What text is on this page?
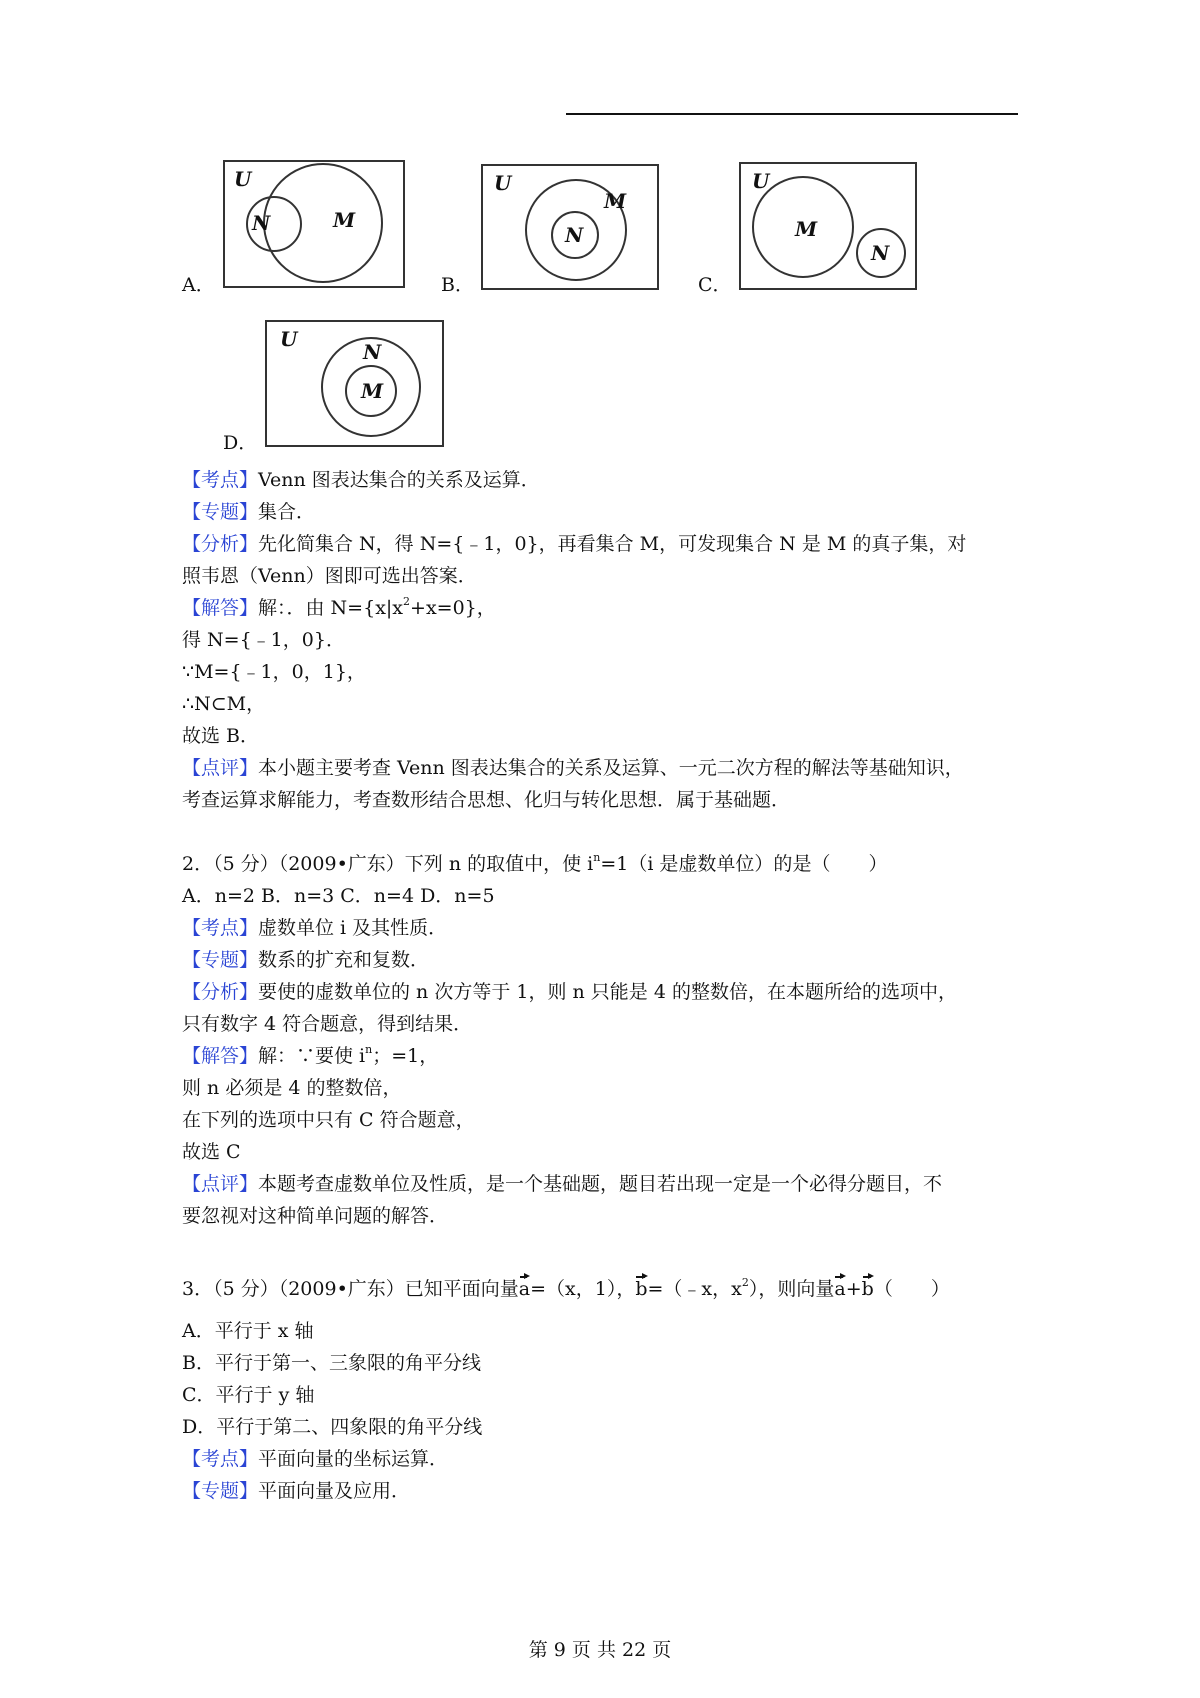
A．
U
N	M
B．
U
N
M
C．
U
M
N
D．
U
N
M
【考点】Venn 图表达集合的关系及运算．
【专题】集合．
【分析】先化简集合 N，得 N={﹣1，0}，再看集合 M，可发现集合 N 是 M 的真子集，对
照韦恩（Venn）图即可选出答案．
【解答】解：．由 $N=\{x|x^2+x=0\}$，
得 N={﹣1，0}．
∵M={﹣1，0，1}，
∴N⊂M，
故选 B．
【点评】本小题主要考查 Venn 图表达集合的关系及运算、一元二次方程的解法等基础知识，
考查运算求解能力，考查数形结合思想、化归与转化思想．属于基础题．
2．（5 分）（2009•广东）下列 n 的取值中，使 $i^n=1(i$ 是虚数单位）的是（　　）
A．n=2 B．n=3 C．n=4 D．n=5
【考点】虚数单位 i 及其性质．
【专题】数系的扩充和复数．
【分析】要使的虚数单位的 n 次方等于 1，则 n 只能是 4 的整数倍，在本题所给的选项中，
只有数字 4 符合题意，得到结果．
【解答】解：∵要使 $i^n$；=1，
则 n 必须是 4 的整数倍，
在下列的选项中只有 C 符合题意，
故选 C
【点评】本题考查虚数单位及性质，是一个基础题，题目若出现一定是一个必得分题目，不
要忽视对这种简单问题的解答．
3．（5 分）（2009•广东）已知平面向量a=（x，1），b=（﹣x，$x^2$），则向量a+b（　　）
A．平行于 x 轴
B．平行于第一、三象限的角平分线
C．平行于 y 轴
D．平行于第二、四象限的角平分线
【考点】平面向量的坐标运算．
【专题】平面向量及应用．
第 9 页 共 22 页
